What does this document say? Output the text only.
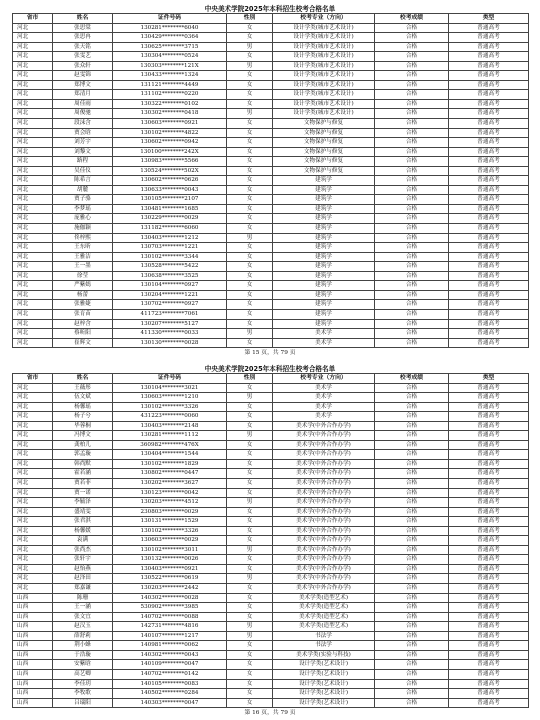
中央美术学院2025年本科招生校考合格名单
省市	姓名	证件号码	性别	校考专业（方向）	校考成绩	类型
河北	张思棠	130281********6040	女	设计学类(城市艺术设计)	合格	普通高考
河北	张思冉	130429********0364	女	设计学类(城市艺术设计)	合格	普通高考
河北	张天铭	130625********3715	男	设计学类(城市艺术设计)	合格	普通高考
河北	张雯艺	130304********0524	女	设计学类(城市艺术设计)	合格	普通高考
河北	张众轩	130303********121X	男	设计学类(城市艺术设计)	合格	普通高考
河北	赵雯锦	130433********1324	女	设计学类(城市艺术设计)	合格	普通高考
河北	郑博文	131121********4449	女	设计学类(城市艺术设计)	合格	普通高考
河北	郑清月	131102********0220	女	设计学类(城市艺术设计)	合格	普通高考
河北	周佳雨	130322********0102	女	设计学类(城市艺术设计)	合格	普通高考
河北	周俊驰	130302********0418	男	设计学类(城市艺术设计)	合格	普通高考
河北	段沫含	130603********0921	女	文物保护与修复	合格	普通高考
河北	贾会晗	130102********4822	女	文物保护与修复	合格	普通高考
河北	刘芳宇	130602********0942	女	文物保护与修复	合格	普通高考
河北	刘黎文	130100********242X	女	文物保护与修复	合格	普通高考
河北	路程	130983********5566	女	文物保护与修复	合格	普通高考
河北	吴佳仪	130524********502X	女	文物保护与修复	合格	普通高考
河北	陈希言	130602********0626	女	建筑学	合格	普通高考
河北	胡麓	130633********0043	女	建筑学	合格	普通高考
河北	贾子骆	130105********2107	女	建筑学	合格	普通高考
河北	李梦瑶	130481********1685	女	建筑学	合格	普通高考
河北	庞雅心	130229********0029	女	建筑学	合格	普通高考
河北	施伽颖	131182********6060	女	建筑学	合格	普通高考
河北	佟梓熙	130403********1212	男	建筑学	合格	普通高考
河北	王东昕	130703********1221	女	建筑学	合格	普通高考
河北	王雅洁	130102********3344	女	建筑学	合格	普通高考
河北	王一墨	130528********5422	女	建筑学	合格	普通高考
河北	徐莹	130638********3525	女	建筑学	合格	普通高考
河北	严紫嫣	130104********0927	女	建筑学	合格	普通高考
河北	杨蕾	130204********1221	女	建筑学	合格	普通高考
河北	张雅婕	130702********0927	女	建筑学	合格	普通高考
河北	张育苗	411723********7061	女	建筑学	合格	普通高考
河北	赵梓含	130207********5127	女	建筑学	合格	普通高考
河北	蔡昕阳	411330********0033	男	美术学	合格	普通高考
河北	崔辉文	130130********0028	女	美术学	合格	普通高考
第 15 页，共 79 页
中央美术学院2025年本科招生校考合格名单
省市	姓名	证件号码	性别	校考专业（方向）	校考成绩	类型
河北	王薇彤	130104********3021	女	美术学	合格	普通高考
河北	伍文斌	130603********1210	男	美术学	合格	普通高考
河北	杨馨瑶	130102********3326	女	美术学	合格	普通高考
河北	杨子兮	431223********0060	女	美术学	合格	普通高考
河北	毕蓉桐	130403********2148	女	美术学(中外合作办学)	合格	普通高考
河北	冯博文	130281********1112	男	美术学(中外合作办学)	合格	普通高考
河北	龚柏儿	360982********476X	女	美术学(中外合作办学)	合格	普通高考
河北	郭孟璇	130404********1544	女	美术学(中外合作办学)	合格	普通高考
河北	韩尚默	130102********1829	女	美术学(中外合作办学)	合格	普通高考
河北	霍若涵	130802********0447	女	美术学(中外合作办学)	合格	普通高考
河北	贾若菲	130202********3627	女	美术学(中外合作办学)	合格	普通高考
河北	贾一诺	130123********0042	女	美术学(中外合作办学)	合格	普通高考
河北	李毓泽	130203********4512	男	美术学(中外合作办学)	合格	普通高考
河北	盛靖雯	230803********0029	女	美术学(中外合作办学)	合格	普通高考
河北	张君淇	130131********1529	女	美术学(中外合作办学)	合格	普通高考
河北	杨馨媛	130102********3326	女	美术学(中外合作办学)	合格	普通高考
河北	袁满	130603********0029	女	美术学(中外合作办学)	合格	普通高考
河北	张尚杰	130102********3011	男	美术学(中外合作办学)	合格	普通高考
河北	张轩宇	130132********0026	女	美术学(中外合作办学)	合格	普通高考
河北	赵怡燕	130403********0921	女	美术学(中外合作办学)	合格	普通高考
河北	赵泽田	130522********0619	男	美术学(中外合作办学)	合格	普通高考
河北	郑嘉谦	130203********2442	女	美术学(中外合作办学)	合格	普通高考
山西	陈珊	140302********0028	女	美术学类(造型艺术)	合格	普通高考
山西	王一涵	530902********3985	女	美术学类(造型艺术)	合格	普通高考
山西	张文宜	140702********0088	女	美术学类(造型艺术)	合格	普通高考
山西	赵汉玉	142731********4816	男	美术学类(造型艺术)	合格	普通高考
山西	薛舒莉	140107********1217	男	书法学	合格	普通高考
山西	荆小蜂	140981********0062	女	书法学	合格	普通高考
山西	于浩璇	140302********0043	女	美术学类(实验与科技)	合格	普通高考
山西	安紫晗	140109********0047	女	设计学类(艺术设计)	合格	普通高考
山西	高艺卿	140702********0142	女	设计学类(艺术设计)	合格	普通高考
山西	李佳玥	140105********0083	女	设计学类(艺术设计)	合格	普通高考
山西	李牧歌	140502********0284	女	设计学类(艺术设计)	合格	普通高考
山西	吕瑞阳	140303********0047	女	设计学类(艺术设计)	合格	普通高考
第 16 页，共 79 页
